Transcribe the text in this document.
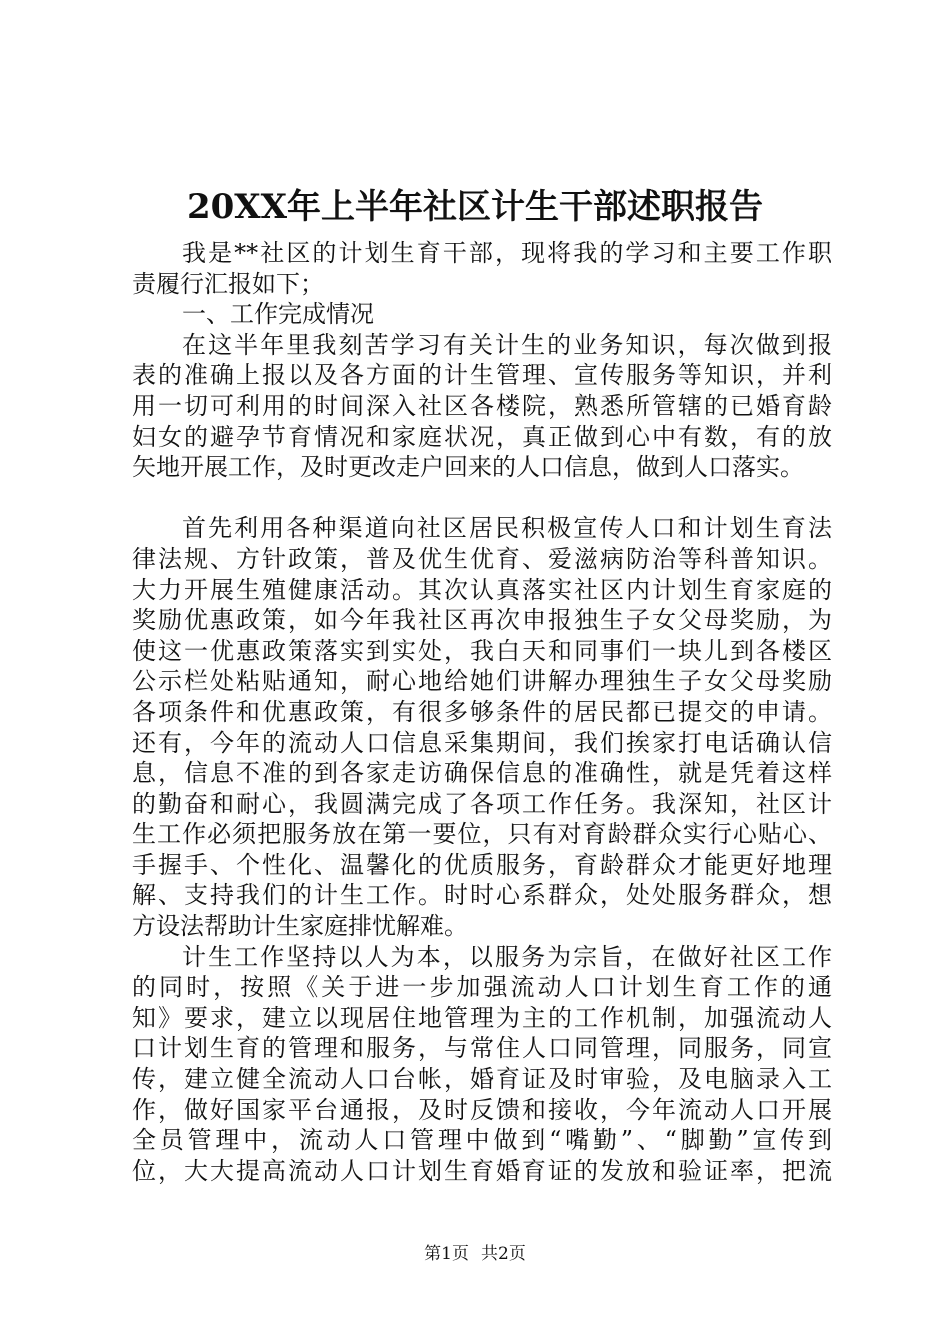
20XX年上半年社区计生干部述职报告
我是**社区的计划生育干部，现将我的学习和主要工作职
责履行汇报如下；
一、工作完成情况
在这半年里我刻苦学习有关计生的业务知识，每次做到报
表的准确上报以及各方面的计生管理、宣传服务等知识，并利
用一切可利用的时间深入社区各楼院，熟悉所管辖的已婚育龄
妇女的避孕节育情况和家庭状况，真正做到心中有数，有的放
矢地开展工作，及时更改走户回来的人口信息，做到人口落实。
首先利用各种渠道向社区居民积极宣传人口和计划生育法
律法规、方针政策，普及优生优育、爱滋病防治等科普知识。
大力开展生殖健康活动。其次认真落实社区内计划生育家庭的
奖励优惠政策，如今年我社区再次申报独生子女父母奖励，为
使这一优惠政策落实到实处，我白天和同事们一块儿到各楼区
公示栏处粘贴通知，耐心地给她们讲解办理独生子女父母奖励
各项条件和优惠政策，有很多够条件的居民都已提交的申请。
还有，今年的流动人口信息采集期间，我们挨家打电话确认信
息，信息不准的到各家走访确保信息的准确性，就是凭着这样
的勤奋和耐心，我圆满完成了各项工作任务。我深知，社区计
生工作必须把服务放在第一要位，只有对育龄群众实行心贴心、
手握手、个性化、温馨化的优质服务，育龄群众才能更好地理
解、支持我们的计生工作。时时心系群众，处处服务群众，想
方设法帮助计生家庭排忧解难。
计生工作坚持以人为本，以服务为宗旨，在做好社区工作
的同时，按照《关于进一步加强流动人口计划生育工作的通
知》要求，建立以现居住地管理为主的工作机制，加强流动人
口计划生育的管理和服务，与常住人口同管理，同服务，同宣
传，建立健全流动人口台帐，婚育证及时审验，及电脑录入工
作，做好国家平台通报，及时反馈和接收，今年流动人口开展
全员管理中，流动人口管理中做到“嘴勤”、“脚勤”宣传到
位，大大提高流动人口计划生育婚育证的发放和验证率，把流
第1页 共2页
